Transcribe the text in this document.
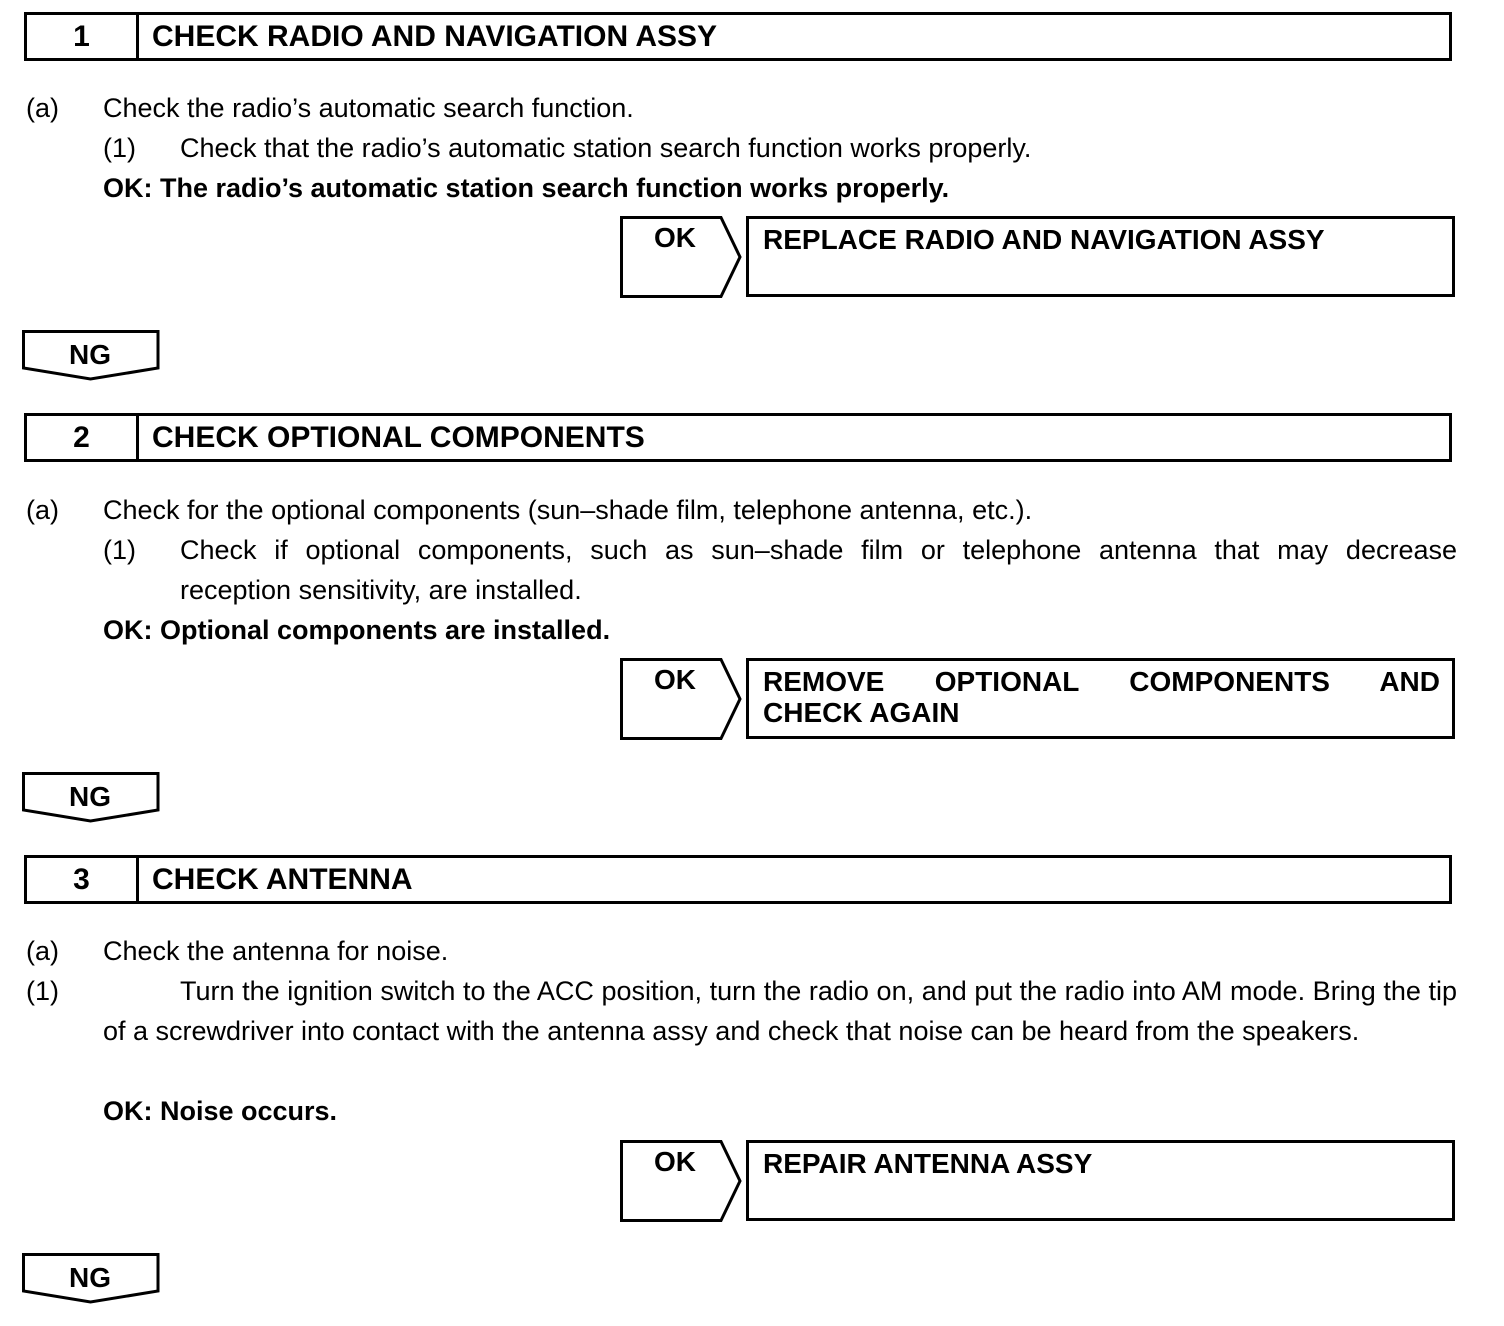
1	CHECK RADIO AND NAVIGATION ASSY
(a) Check the radio’s automatic search function.
(1) Check that the radio’s automatic station search function works properly.
OK: The radio’s automatic station search function works properly.
OK	REPLACE RADIO AND NAVIGATION ASSY
NG
2	CHECK OPTIONAL COMPONENTS
(a) Check for the optional components (sun–shade film, telephone antenna, etc.).
(1) Check if optional components, such as sun–shade film or telephone antenna that may decrease
reception sensitivity, are installed.
OK: Optional components are installed.
OK	REMOVE OPTIONAL COMPONENTS AND
CHECK AGAIN
NG
3	CHECK ANTENNA
(a) Check the antenna for noise.
(1)	Turn the ignition switch to the ACC position, turn the radio on, and put the radio into AM mode. Bring the tip of a screwdriver into contact with the antenna assy and check that noise can be heard from the speakers.
OK: Noise occurs.
OK	REPAIR ANTENNA ASSY
NG
